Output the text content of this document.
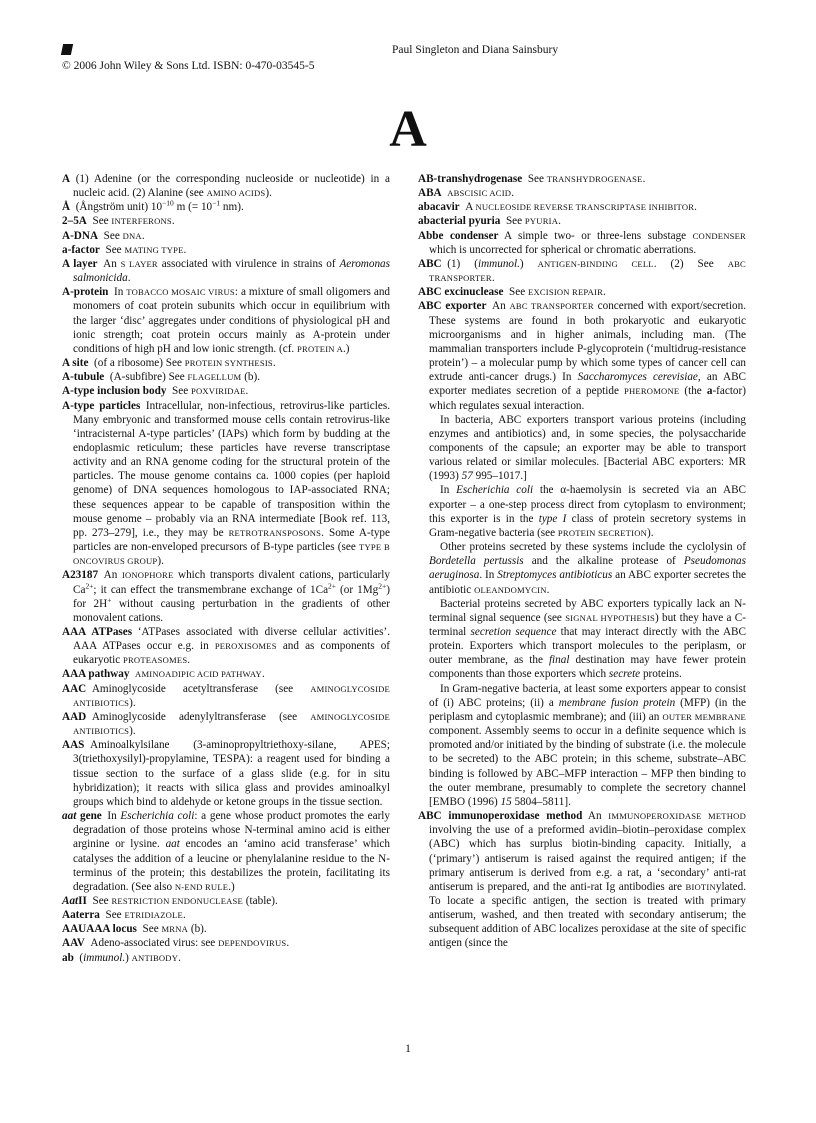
© 2006 John Wiley & Sons Ltd. ISBN: 0-470-03545-5
Paul Singleton and Diana Sainsbury
A
A  (1) Adenine (or the corresponding nucleoside or nucleotide) in a nucleic acid. (2) Alanine (see AMINO ACIDS).
Å  (Ångström unit) $10^{-10}$ m (= $10^{-1}$ nm).
2–5A  See INTERFERONS.
A-DNA  See DNA.
a-factor  See MATING TYPE.
A layer  An S LAYER associated with virulence in strains of Aeromonas salmonicida.
A-protein  In TOBACCO MOSAIC VIRUS: a mixture of small oligomers and monomers of coat protein subunits which occur in equilibrium with the larger ‘disc’ aggregates under conditions of physiological pH and ionic strength; coat protein occurs mainly as A-protein under conditions of high pH and low ionic strength. (cf. PROTEIN A.)
A site  (of a ribosome) See PROTEIN SYNTHESIS.
A-tubule  (A-subfibre) See FLAGELLUM (b).
A-type inclusion body  See POXVIRIDAE.
A-type particles  Intracellular, non-infectious, retrovirus-like particles. Many embryonic and transformed mouse cells contain retrovirus-like ‘intracisternal A-type particles’ (IAPs) which form by budding at the endoplasmic reticulum; these particles have reverse transcriptase activity and an RNA genome coding for the structural protein of the particles. The mouse genome contains ca. 1000 copies (per haploid genome) of DNA sequences homologous to IAP-associated RNA; these sequences appear to be capable of transposition within the mouse genome – probably via an RNA intermediate [Book ref. 113, pp. 273–279], i.e., they may be RETROTRANSPOSONS. Some A-type particles are non-enveloped precursors of B-type particles (see TYPE B ONCOVIRUS GROUP).
A23187  An IONOPHORE which transports divalent cations, particularly $Ca^{2+}$; it can effect the transmembrane exchange of $1Ca^{2+}$ (or $1Mg^{2+}$) for 2H+ without causing perturbation in the gradients of other monovalent cations.
AAA ATPases  ‘ATPases associated with diverse cellular activities’. AAA ATPases occur e.g. in PEROXISOMES and as components of eukaryotic PROTEASOMES.
AAA pathway  AMINOADIPIC ACID PATHWAY.
AAC  Aminoglycoside acetyltransferase (see AMINOGLYCOSIDE ANTIBIOTICS).
AAD  Aminoglycoside adenylyltransferase (see AMINOGLYCOSIDE ANTIBIOTICS).
AAS  Aminoalkylsilane (3-aminopropyltriethoxy-silane, APES; 3(triethoxysilyl)-propylamine, TESPA): a reagent used for binding a tissue section to the surface of a glass slide (e.g. for in situ hybridization); it reacts with silica glass and provides aminoalkyl groups which bind to aldehyde or ketone groups in the tissue section.
aat gene  In Escherichia coli: a gene whose product promotes the early degradation of those proteins whose N-terminal amino acid is either arginine or lysine. aat encodes an ‘amino acid transferase’ which catalyses the addition of a leucine or phenylalanine residue to the N-terminus of the protein; this destabilizes the protein, facilitating its degradation. (See also N-END RULE.)
AatII  See RESTRICTION ENDONUCLEASE (table).
Aaterra  See ETRIDIAZOLE.
AAUAAA locus  See MRNA (b).
AAV  Adeno-associated virus: see DEPENDOVIRUS.
ab  (immunol.) ANTIBODY.
AB-transhydrogenase  See TRANSHYDROGENASE.
ABA  ABSCISIC ACID.
abacavir  A NUCLEOSIDE REVERSE TRANSCRIPTASE INHIBITOR.
abacterial pyuria  See PYURIA.
Abbe condenser  A simple two- or three-lens substage CONDENSER which is uncorrected for spherical or chromatic aberrations.
ABC  (1) (immunol.) ANTIGEN-BINDING CELL. (2) See ABC TRANSPORTER.
ABC excinuclease  See EXCISION REPAIR.
ABC exporter  An ABC TRANSPORTER concerned with export/secretion. These systems are found in both prokaryotic and eukaryotic microorganisms and in higher animals, including man. (The mammalian transporters include P-glycoprotein (‘multidrug-resistance protein’) – a molecular pump by which some types of cancer cell can extrude anti-cancer drugs.) In Saccharomyces cerevisiae, an ABC exporter mediates secretion of a peptide PHEROMONE (the a-factor) which regulates sexual interaction.

In bacteria, ABC exporters transport various proteins (including enzymes and antibiotics) and, in some species, the polysaccharide components of the capsule; an exporter may be able to transport various related or similar molecules. [Bacterial ABC exporters: MR (1993) 57 995–1017.]

In Escherichia coli the α-haemolysin is secreted via an ABC exporter – a one-step process direct from cytoplasm to environment; this exporter is in the type I class of protein secretory systems in Gram-negative bacteria (see PROTEIN SECRETION).

Other proteins secreted by these systems include the cyclolysin of Bordetella pertussis and the alkaline protease of Pseudomonas aeruginosa. In Streptomyces antibioticus an ABC exporter secretes the antibiotic OLEANDOMYCIN.

Bacterial proteins secreted by ABC exporters typically lack an N-terminal signal sequence (see SIGNAL HYPOTHESIS) but they have a C-terminal secretion sequence that may interact directly with the ABC protein. Exporters which transport molecules to the periplasm, or outer membrane, as the final destination may have fewer protein components than those exporters which secrete proteins.

In Gram-negative bacteria, at least some exporters appear to consist of (i) ABC proteins; (ii) a membrane fusion protein (MFP) (in the periplasm and cytoplasmic membrane); and (iii) an OUTER MEMBRANE component. Assembly seems to occur in a definite sequence which is promoted and/or initiated by the binding of substrate (i.e. the molecule to be secreted) to the ABC protein; in this scheme, substrate–ABC binding is followed by ABC–MFP interaction – MFP then binding to the outer membrane, presumably to complete the secretory channel [EMBO (1996) 15 5804–5811].

ABC immunoperoxidase method  An IMMUNOPEROXIDASE METHOD involving the use of a preformed avidin–biotin–peroxidase complex (ABC) which has surplus biotin-binding capacity. Initially, a (‘primary’) antiserum is raised against the required antigen; if the primary antiserum is derived from e.g. a rat, a ‘secondary’ anti-rat antiserum is prepared, and the anti-rat Ig antibodies are BIOTINylated. To locate a specific antigen, the section is treated with primary antiserum, washed, and then treated with secondary antiserum; the subsequent addition of ABC localizes peroxidase at the site of specific antigen (since the
1
